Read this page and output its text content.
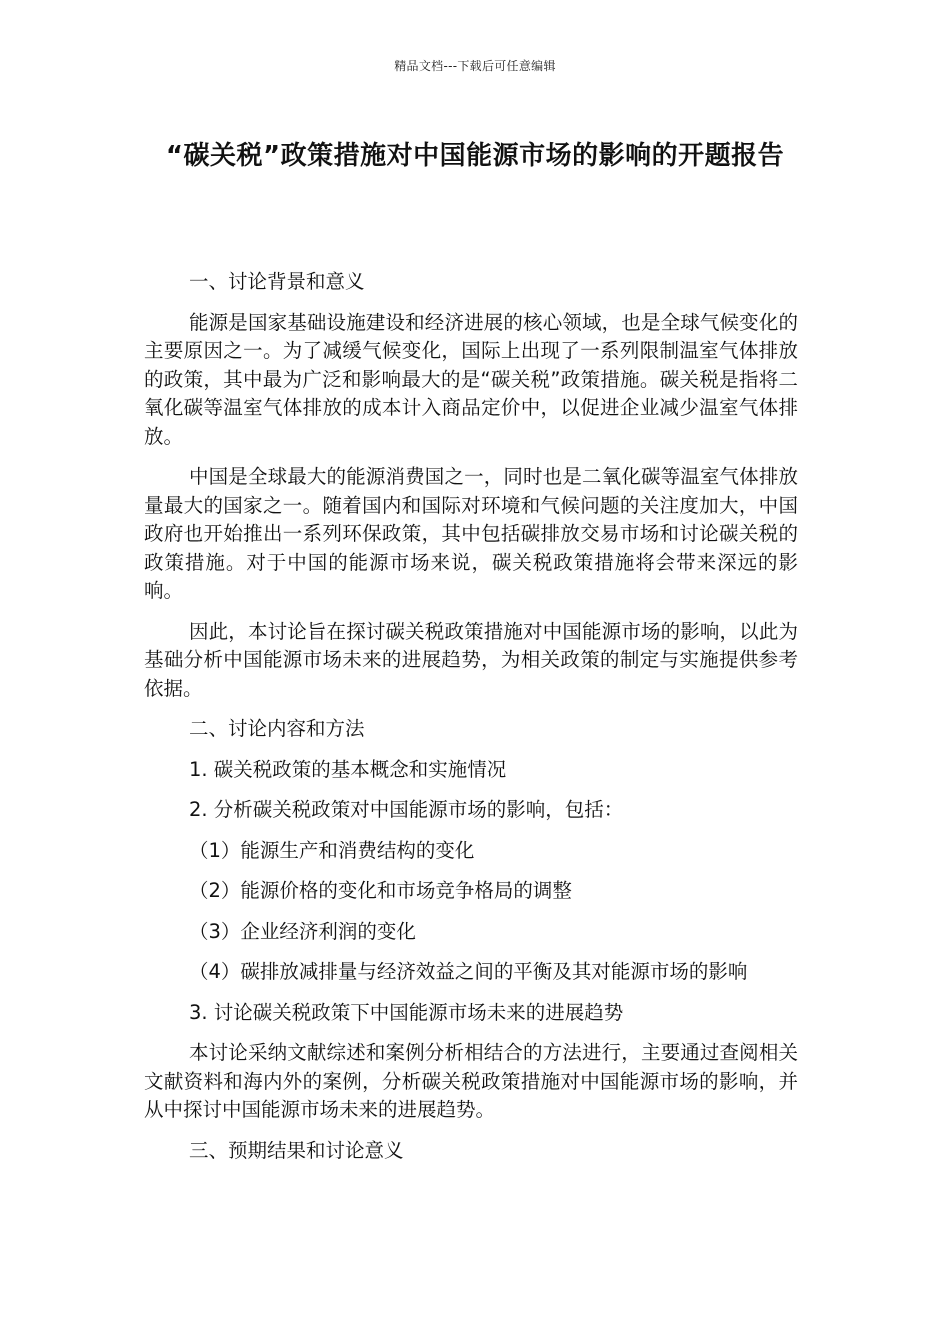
精品文档---下载后可任意编辑
“碳关税”政策措施对中国能源市场的影响的开题报告

一、讨论背景和意义

能源是国家基础设施建设和经济进展的核心领域，也是全球气候变化的主要原因之一。为了减缓气候变化，国际上出现了一系列限制温室气体排放的政策，其中最为广泛和影响最大的是“碳关税”政策措施。碳关税是指将二氧化碳等温室气体排放的成本计入商品定价中，以促进企业减少温室气体排放。

中国是全球最大的能源消费国之一，同时也是二氧化碳等温室气体排放量最大的国家之一。随着国内和国际对环境和气候问题的关注度加大，中国政府也开始推出一系列环保政策，其中包括碳排放交易市场和讨论碳关税的政策措施。对于中国的能源市场来说，碳关税政策措施将会带来深远的影响。

因此，本讨论旨在探讨碳关税政策措施对中国能源市场的影响，以此为基础分析中国能源市场未来的进展趋势，为相关政策的制定与实施提供参考依据。

二、讨论内容和方法

1. 碳关税政策的基本概念和实施情况

2. 分析碳关税政策对中国能源市场的影响，包括：

（1）能源生产和消费结构的变化

（2）能源价格的变化和市场竞争格局的调整

（3）企业经济利润的变化

（4）碳排放减排量与经济效益之间的平衡及其对能源市场的影响

3. 讨论碳关税政策下中国能源市场未来的进展趋势

本讨论采纳文献综述和案例分析相结合的方法进行，主要通过查阅相关文献资料和海内外的案例，分析碳关税政策措施对中国能源市场的影响，并从中探讨中国能源市场未来的进展趋势。

三、预期结果和讨论意义
